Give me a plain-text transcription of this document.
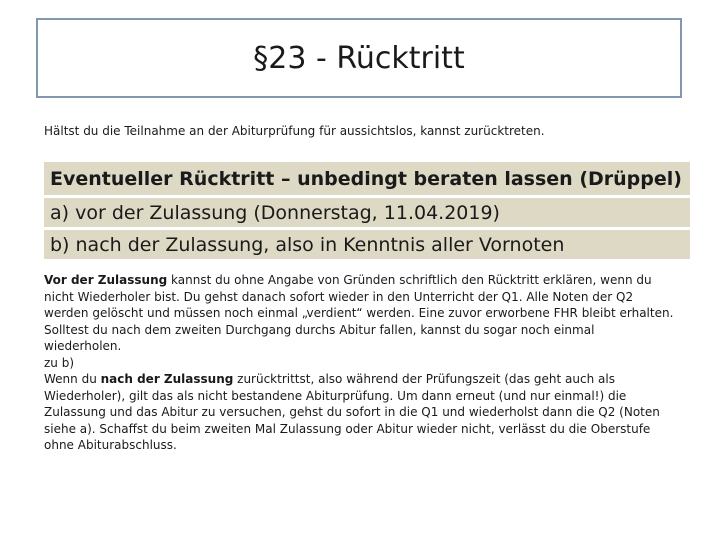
§23 - Rücktritt
Hältst du die Teilnahme an der Abiturprüfung für aussichtslos, kannst zurücktreten.
Eventueller Rücktritt – unbedingt beraten lassen (Drüppel)
a) vor der Zulassung (Donnerstag, 11.04.2019)
b) nach der Zulassung, also in Kenntnis aller Vornoten

Vor der Zulassung kannst du ohne Angabe von Gründen schriftlich den Rücktritt erklären, wenn du nicht Wiederholer bist. Du gehst danach sofort wieder in den Unterricht der Q1. Alle Noten der Q2 werden gelöscht und müssen noch einmal „verdient“ werden. Eine zuvor erworbene FHR bleibt erhalten. Solltest du nach dem zweiten Durchgang durchs Abitur fallen, kannst du sogar noch einmal wiederholen.

zu b)

Wenn du nach der Zulassung zurücktrittst, also während der Prüfungszeit (das geht auch als Wiederholer), gilt das als nicht bestandene Abiturprüfung. Um dann erneut (und nur einmal!) die Zulassung und das Abitur zu versuchen, gehst du sofort in die Q1 und wiederholst dann die Q2 (Noten siehe a). Schaffst du beim zweiten Mal Zulassung oder Abitur wieder nicht, verlässt du die Oberstufe ohne Abiturabschluss.
